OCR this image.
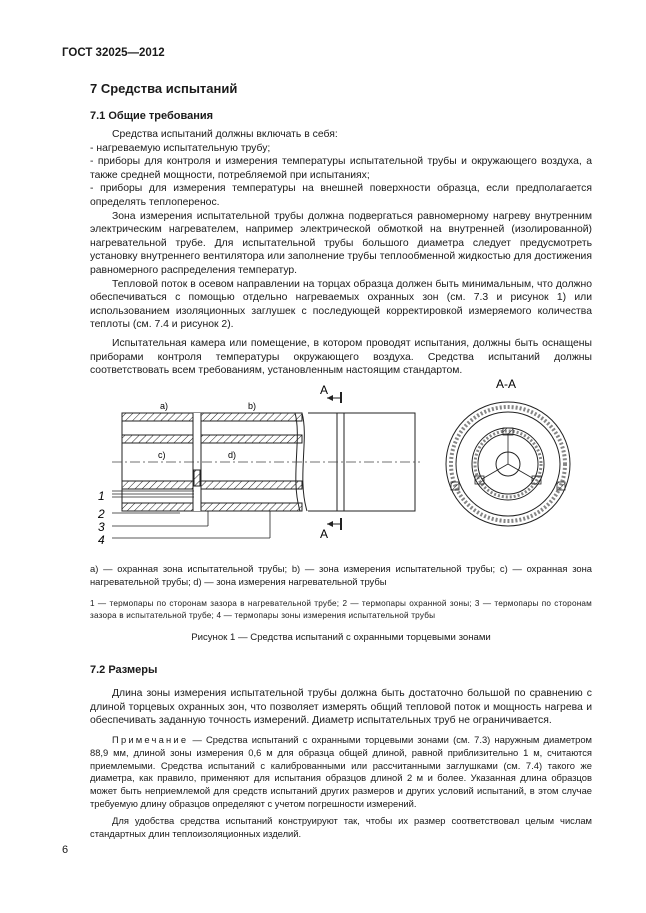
ГОСТ 32025—2012
7 Средства испытаний
7.1 Общие требования

Средства испытаний должны включать в себя:

- нагреваемую испытательную трубу;

- приборы для контроля и измерения температуры испытательной трубы и окружающего воздуха, а также средней мощности, потребляемой при испытаниях;

- приборы для измерения температуры на внешней поверхности образца, если предполагается определять теплоперенос.

Зона измерения испытательной трубы должна подвергаться равномерному нагреву внутренним электрическим нагревателем, например электрической обмоткой на внутренней (изолированной) нагревательной трубе. Для испытательной трубы большого диаметра следует предусмотреть установку внутреннего вентилятора или заполнение трубы теплообменной жидкостью для достижения равномерного распределения температур.

Тепловой поток в осевом направлении на торцах образца должен быть минимальным, что должно обеспечиваться с помощью отдельно нагреваемых охранных зон (см. 7.3 и рисунок 1) или использованием изоляционных заглушек с последующей корректировкой измеряемого количества теплоты (см. 7.4 и рисунок 2).

Испытательная камера или помещение, в котором проводят испытания, должны быть оснащены приборами контроля температуры окружающего воздуха. Средства испытаний должны соответствовать всем требованиям, установленным настоящим стандартом.

a)	b)
c)	d)
А
А
1
2
3
4
А-А
a) — охранная зона испытательной трубы; b) — зона измерения испытательной трубы; c) — охранная зона нагревательной трубы; d) — зона измерения нагревательной трубы
1 — термопары по сторонам зазора в нагревательной трубе; 2 — термопары охранной зоны; 3 — термопары по сторонам зазора в испытательной трубе; 4 — термопары зоны измерения испытательной трубы
Рисунок 1 — Средства испытаний с охранными торцевыми зонами
7.2 Размеры

Длина зоны измерения испытательной трубы должна быть достаточно большой по сравнению с длиной торцевых охранных зон, что позволяет измерять общий тепловой поток и мощность нагрева и обеспечивать заданную точность измерений. Диаметр испытательных труб не ограничивается.

Примечание — Средства испытаний с охранными торцевыми зонами (см. 7.3) наружным диаметром 88,9 мм, длиной зоны измерения 0,6 м для образца общей длиной, равной приблизительно 1 м, считаются приемлемыми. Средства испытаний с калиброванными или рассчитанными заглушками (см. 7.4) такого же диаметра, как правило, применяют для испытания образцов длиной 2 м и более. Указанная длина образцов может быть неприемлемой для средств испытаний других размеров и других условий испытаний, в этом случае требуемую длину образцов определяют с учетом погрешности измерений.

Для удобства средства испытаний конструируют так, чтобы их размер соответствовал целым числам стандартных длин теплоизоляционных изделий.

6
